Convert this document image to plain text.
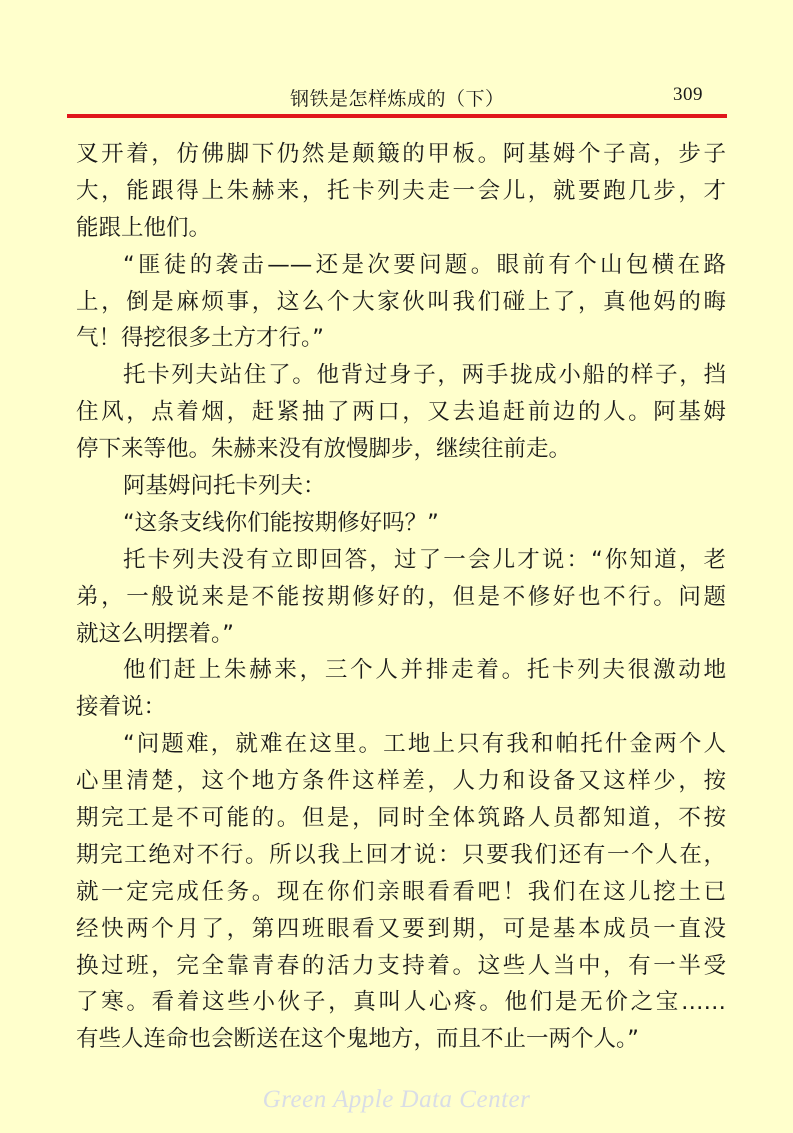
钢铁是怎样炼成的（下）	309
叉开着，仿佛脚下仍然是颠簸的甲板。阿基姆个子高，步子
大，能跟得上朱赫来，托卡列夫走一会儿，就要跑几步，才
能跟上他们。
“匪徒的袭击——还是次要问题。眼前有个山包横在路
上，倒是麻烦事，这么个大家伙叫我们碰上了，真他妈的晦
气！得挖很多土方才行。”
托卡列夫站住了。他背过身子，两手拢成小船的样子，挡
住风，点着烟，赶紧抽了两口，又去追赶前边的人。阿基姆
停下来等他。朱赫来没有放慢脚步，继续往前走。
阿基姆问托卡列夫：
“这条支线你们能按期修好吗？”
托卡列夫没有立即回答，过了一会儿才说：“你知道，老
弟，一般说来是不能按期修好的，但是不修好也不行。问题
就这么明摆着。”
他们赶上朱赫来，三个人并排走着。托卡列夫很激动地
接着说：
“问题难，就难在这里。工地上只有我和帕托什金两个人
心里清楚，这个地方条件这样差，人力和设备又这样少，按
期完工是不可能的。但是，同时全体筑路人员都知道，不按
期完工绝对不行。所以我上回才说：只要我们还有一个人在，
就一定完成任务。现在你们亲眼看看吧！我们在这儿挖土已
经快两个月了，第四班眼看又要到期，可是基本成员一直没
换过班，完全靠青春的活力支持着。这些人当中，有一半受
了寒。看着这些小伙子，真叫人心疼。他们是无价之宝……
有些人连命也会断送在这个鬼地方，而且不止一两个人。”
Green Apple Data Center
